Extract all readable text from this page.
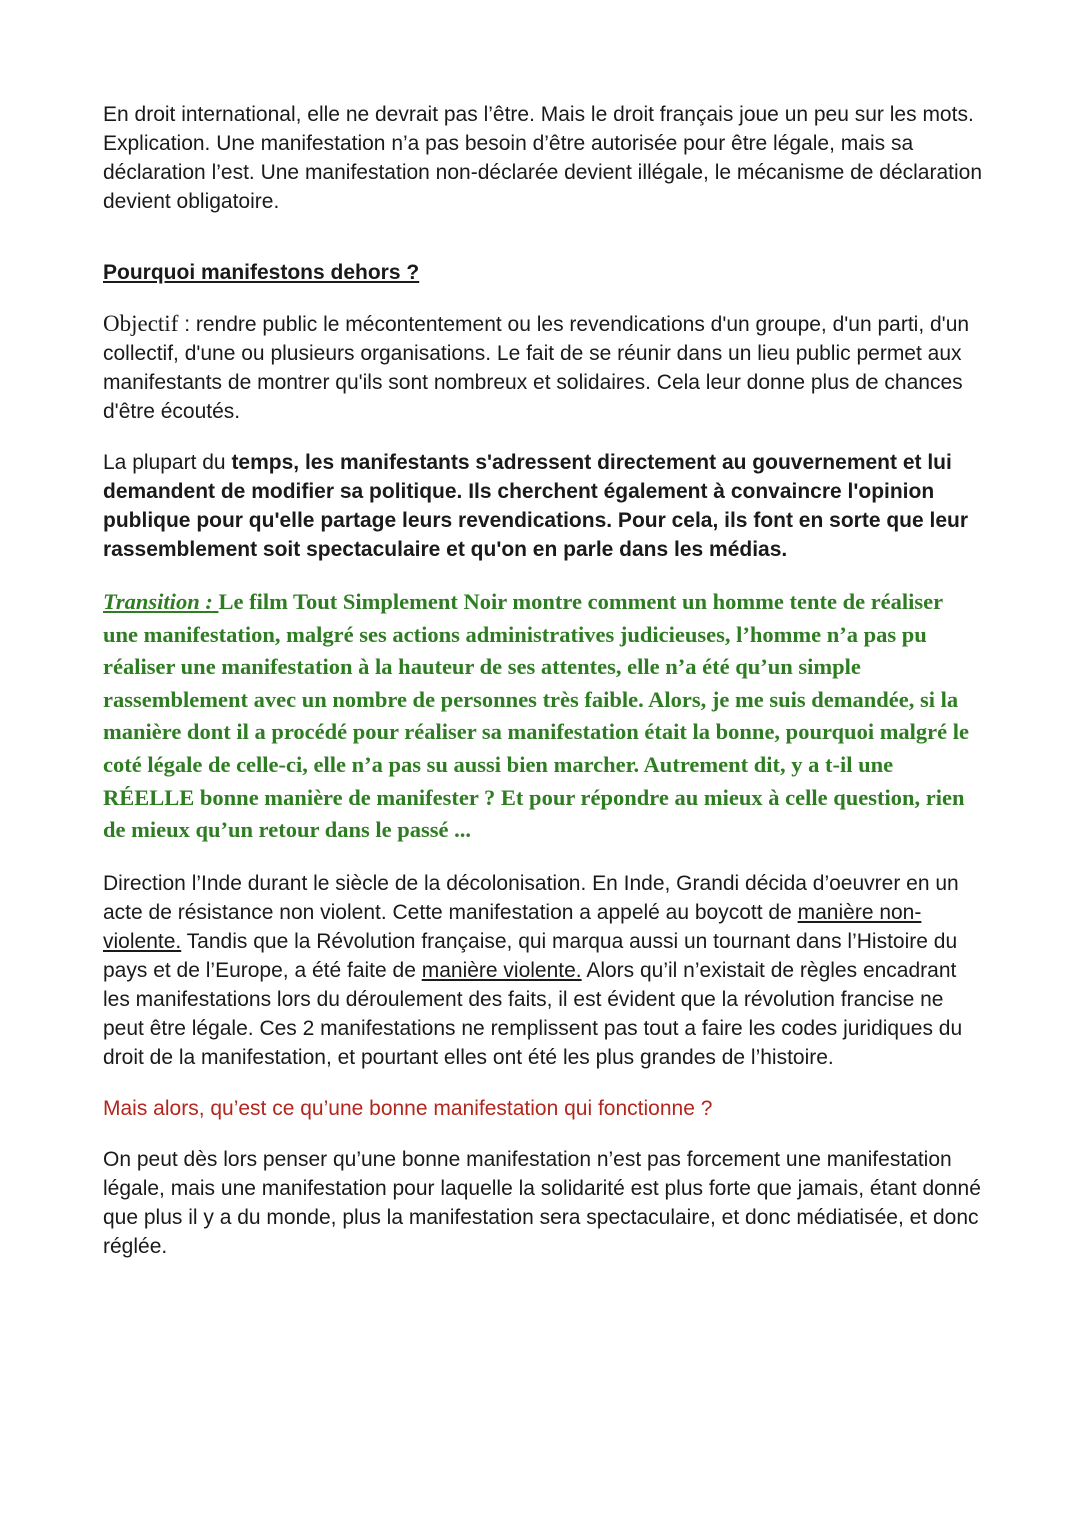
En droit international, elle ne devrait pas l’être. Mais le droit français joue un peu sur les mots. Explication. Une manifestation n’a pas besoin d’être autorisée pour être légale, mais sa déclaration l’est. Une manifestation non-déclarée devient illégale, le mécanisme de déclaration devient obligatoire.

Pourquoi manifestons dehors ?

Objectif : rendre public le mécontentement ou les revendications d'un groupe, d'un parti, d'un collectif, d'une ou plusieurs organisations. Le fait de se réunir dans un lieu public permet aux manifestants de montrer qu'ils sont nombreux et solidaires. Cela leur donne plus de chances d'être écoutés.

La plupart du temps, les manifestants s'adressent directement au gouvernement et lui demandent de modifier sa politique. Ils cherchent également à convaincre l'opinion publique pour qu'elle partage leurs revendications. Pour cela, ils font en sorte que leur rassemblement soit spectaculaire et qu'on en parle dans les médias.

Transition : Le film Tout Simplement Noir montre comment un homme tente de réaliser une manifestation, malgré ses actions administratives judicieuses, l’homme n’a pas pu réaliser une manifestation à la hauteur de ses attentes, elle n’a été qu’un simple rassemblement avec un nombre de personnes très faible. Alors, je me suis demandée, si la manière dont il a procédé pour réaliser sa manifestation était la bonne, pourquoi malgré le coté légale de celle-ci, elle n’a pas su aussi bien marcher. Autrement dit, y a t-il une RÉELLE bonne manière de manifester ? Et pour répondre au mieux à celle question, rien de mieux qu’un retour dans le passé ...

Direction l’Inde durant le siècle de la décolonisation. En Inde, Grandi décida d’oeuvrer en un acte de résistance non violent. Cette manifestation a appelé au boycott de manière non-violente. Tandis que la Révolution française, qui marqua aussi un tournant dans l’Histoire du pays et de l’Europe, a été faite de manière violente. Alors qu’il n’existait de règles encadrant les manifestations lors du déroulement des faits, il est évident que la révolution francise ne peut être légale. Ces 2 manifestations ne remplissent pas tout a faire les codes juridiques du droit de la manifestation, et pourtant elles ont été les plus grandes de l’histoire.

Mais alors, qu’est ce qu’une bonne manifestation qui fonctionne ?

On peut dès lors penser qu’une bonne manifestation n’est pas forcement une manifestation légale, mais une manifestation pour laquelle la solidarité est plus forte que jamais, étant donné que plus il y a du monde, plus la manifestation sera spectaculaire, et donc médiatisée, et donc réglée.
